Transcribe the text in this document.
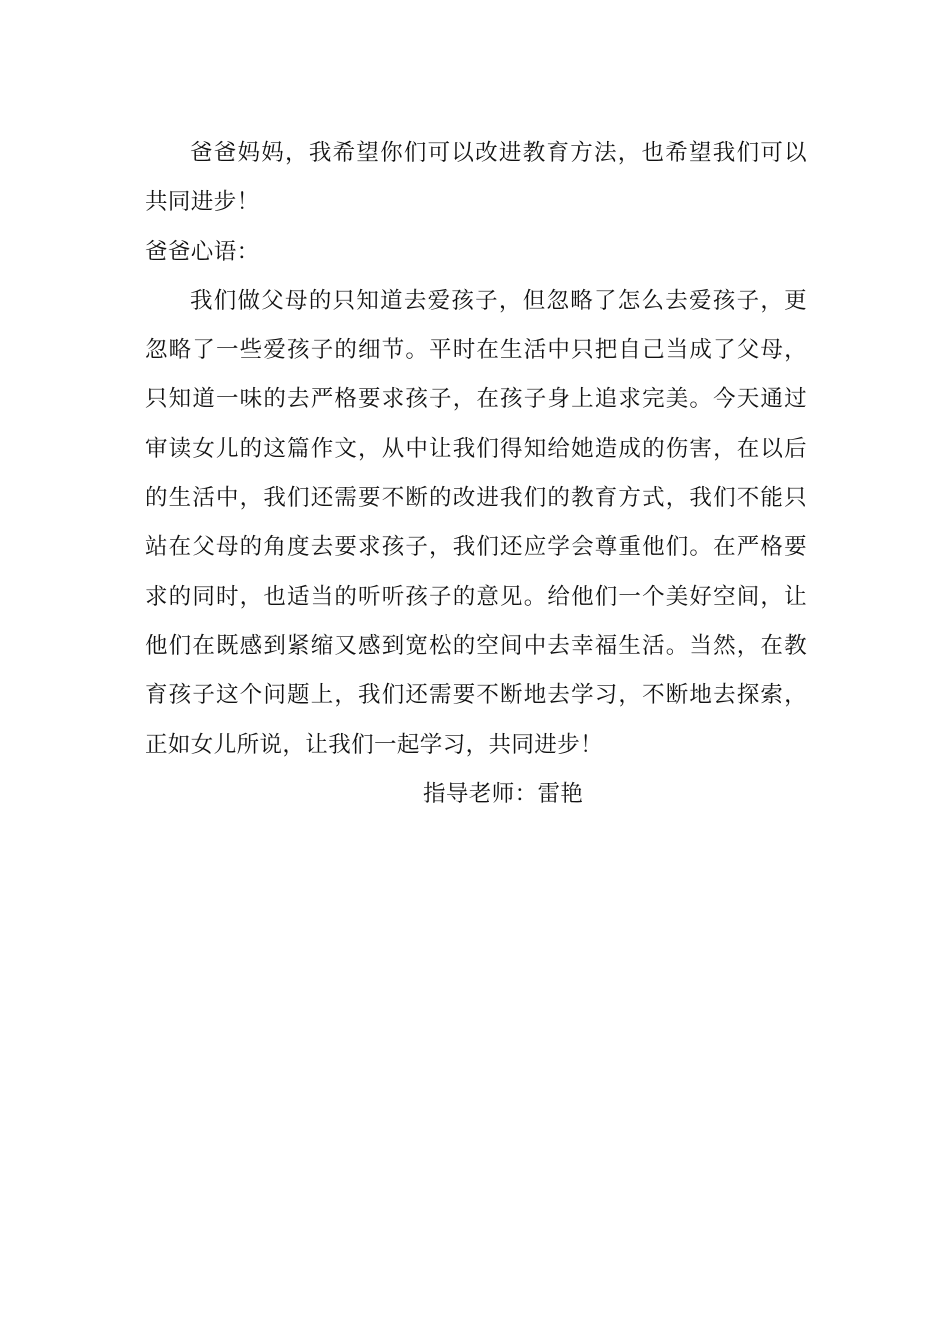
爸爸妈妈，我希望你们可以改进教育方法，也希望我们可以共同进步！

爸爸心语：

我们做父母的只知道去爱孩子，但忽略了怎么去爱孩子，更忽略了一些爱孩子的细节。平时在生活中只把自己当成了父母，只知道一味的去严格要求孩子，在孩子身上追求完美。今天通过审读女儿的这篇作文，从中让我们得知给她造成的伤害，在以后的生活中，我们还需要不断的改进我们的教育方式，我们不能只站在父母的角度去要求孩子，我们还应学会尊重他们。在严格要求的同时，也适当的听听孩子的意见。给他们一个美好空间，让他们在既感到紧缩又感到宽松的空间中去幸福生活。当然，在教育孩子这个问题上，我们还需要不断地去学习，不断地去探索，正如女儿所说，让我们一起学习，共同进步！

指导老师：雷艳
